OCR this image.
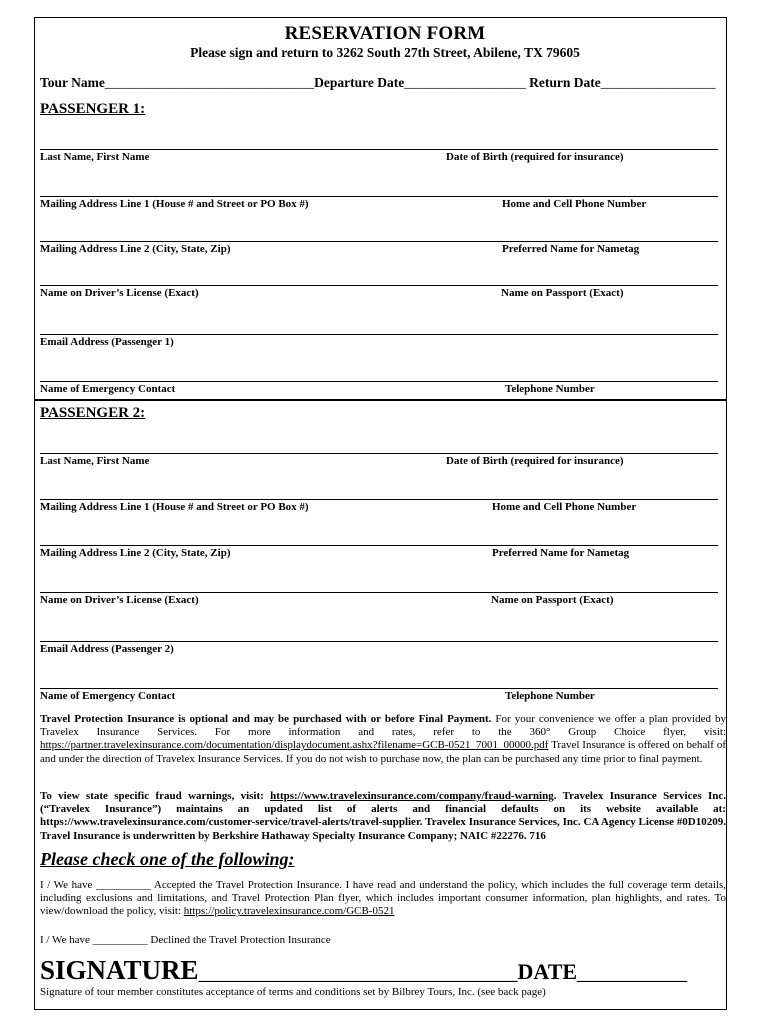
RESERVATION FORM
Please sign and return to 3262 South 27th Street, Abilene, TX 79605
Tour Name_______________________________Departure Date__________________ Return Date_________________
PASSENGER 1:
Last Name, First Name	Date of Birth (required for insurance)
Mailing Address Line 1 (House # and Street or PO Box #)	Home and Cell Phone Number
Mailing Address Line 2 (City, State, Zip)	Preferred Name for Nametag
Name on Driver’s License (Exact)	Name on Passport (Exact)
Email Address (Passenger 1)
Name of Emergency Contact	Telephone Number
PASSENGER 2:
Last Name, First Name	Date of Birth (required for insurance)
Mailing Address Line 1 (House # and Street or PO Box #)	Home and Cell Phone Number
Mailing Address Line 2 (City, State, Zip)	Preferred Name for Nametag
Name on Driver’s License (Exact)	Name on Passport (Exact)
Email Address (Passenger 2)
Name of Emergency Contact	Telephone Number
Travel Protection Insurance is optional and may be purchased with or before Final Payment. For your convenience we offer a plan provided by Travelex Insurance Services. For more information and rates, refer to the 360° Group Choice flyer, visit: https://partner.travelexinsurance.com/documentation/displaydocument.ashx?filename=GCB-0521_7001_00000.pdf Travel Insurance is offered on behalf of and under the direction of Travelex Insurance Services. If you do not wish to purchase now, the plan can be purchased any time prior to final payment.
To view state specific fraud warnings, visit: https://www.travelexinsurance.com/company/fraud-warning. Travelex Insurance Services Inc. (“Travelex Insurance”) maintains an updated list of alerts and financial defaults on its website available at: https://www.travelexinsurance.com/customer-service/travel-alerts/travel-supplier. Travelex Insurance Services, Inc. CA Agency License #0D10209. Travel Insurance is underwritten by Berkshire Hathaway Specialty Insurance Company; NAIC #22276. 716
Please check one of the following:
I / We have __________ Accepted the Travel Protection Insurance. I have read and understand the policy, which includes the full coverage term details, including exclusions and limitations, and Travel Protection Plan flyer, which includes important consumer information, plan highlights, and rates. To view/download the policy, visit: https://policy.travelexinsurance.com/GCB-0521
I / We have __________ Declined the Travel Protection Insurance
SIGNATURE_____________________________DATE__________
Signature of tour member constitutes acceptance of terms and conditions set by Bilbrey Tours, Inc. (see back page)
